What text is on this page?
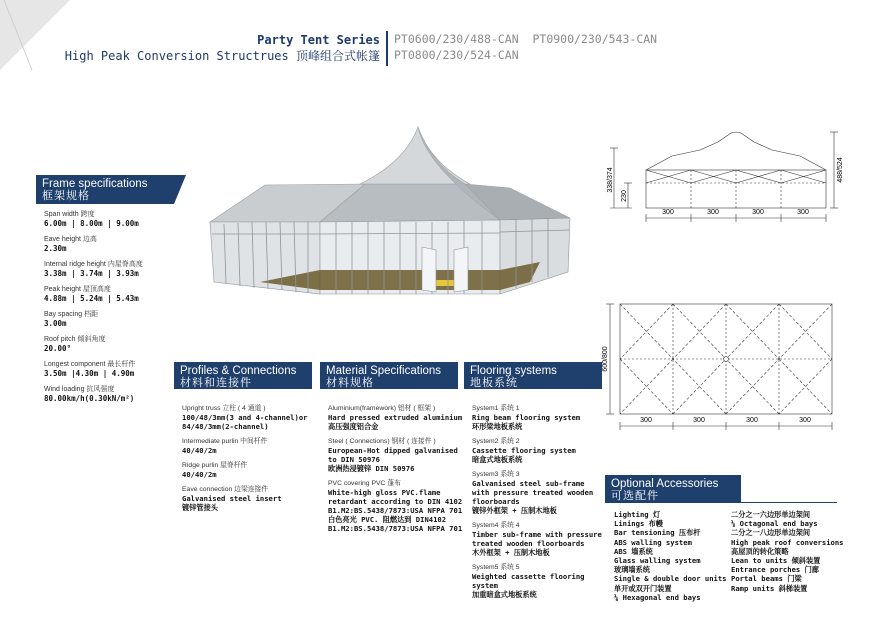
Party Tent Series
High Peak Conversion Structrues 顶峰组合式帐篷
PT0600/230/488-CAN  PT0900/230/543-CAN
PT0800/230/524-CAN
300	300	300	300
338/374
230
488/524
300	300	300	300
600/800
Frame specifications
框架规格
Span width 跨度
6.00m | 8.00m | 9.00m
Eave height 边高
2.30m
Internal ridge height 内屋脊高度
3.38m | 3.74m | 3.93m
Peak height 屋顶高度
4.88m | 5.24m | 5.43m
Bay spacing 档距
3.00m
Roof pitch 倾斜角度
20.00°
Longest component 最长杆件
3.50m |4.30m | 4.90m
Wind loading 抗风强度
80.00km/h(0.30kN/m²)
Profiles & Connections
材料和连接件
Upright truss 立柱 ( 4 通道 )
100/48/3mm(3 and 4-channel)or
84/48/3mm(2-channel)
Intermediate purlin 中间杆件
40/40/2m
Ridge purlin 屋脊杆件
40/40/2m
Eave connection 边梁连接件
Galvanised steel insert
镀锌管接头
Material Specifications
材料规格
Aluminium(framework) 铝材 ( 框架 )
Hard pressed extruded aluminium
高压强度铝合金
Steel ( Connections) 钢材 ( 连接件 )
European-Hot dipped galvanised
to DIN 50976
欧洲热浸镀锌 DIN 50976
PVC covering PVC 蓬布
White-high gloss PVC.flame
retardant according to DIN 4102
B1.M2:BS.5438/7873:USA NFPA 701
白色亮光 PVC. 阻燃达到 DIN4102
B1.M2:BS.5438/7873:USA NFPA 701
Flooring systems
地板系统
System1 系统 1
Ring beam flooring system
环形梁地板系统
System2 系统 2
Cassette flooring system
暗盒式地板系统
System3 系统 3
Galvanised steel sub-frame
with pressure treated wooden
floorboards
镀锌外框架 + 压制木地板
System4 系统 4
Timber sub-frame with pressure
treated wooden floorboards
木外框架 + 压制木地板
System5 系统 5
Weighted cassette flooring
system
加重暗盒式地板系统
Optional Accessories
可选配件
Lighting 灯
Linings 布幔
Bar tensioning 压布杆
ABS walling system
ABS 墙系统
Glass walling system
玻璃墙系统
Single & double door units
单开或双开门装置
⅙ Hexagonal end bays
二分之一六边形单边架间
⅛ Octagonal end bays
二分之一八边形单边架间
High peak roof conversions
高屋顶的转化策略
Lean to units 倾斜装置
Entrance porches 门廊
Portal beams 门梁
Ramp units 斜梯装置
